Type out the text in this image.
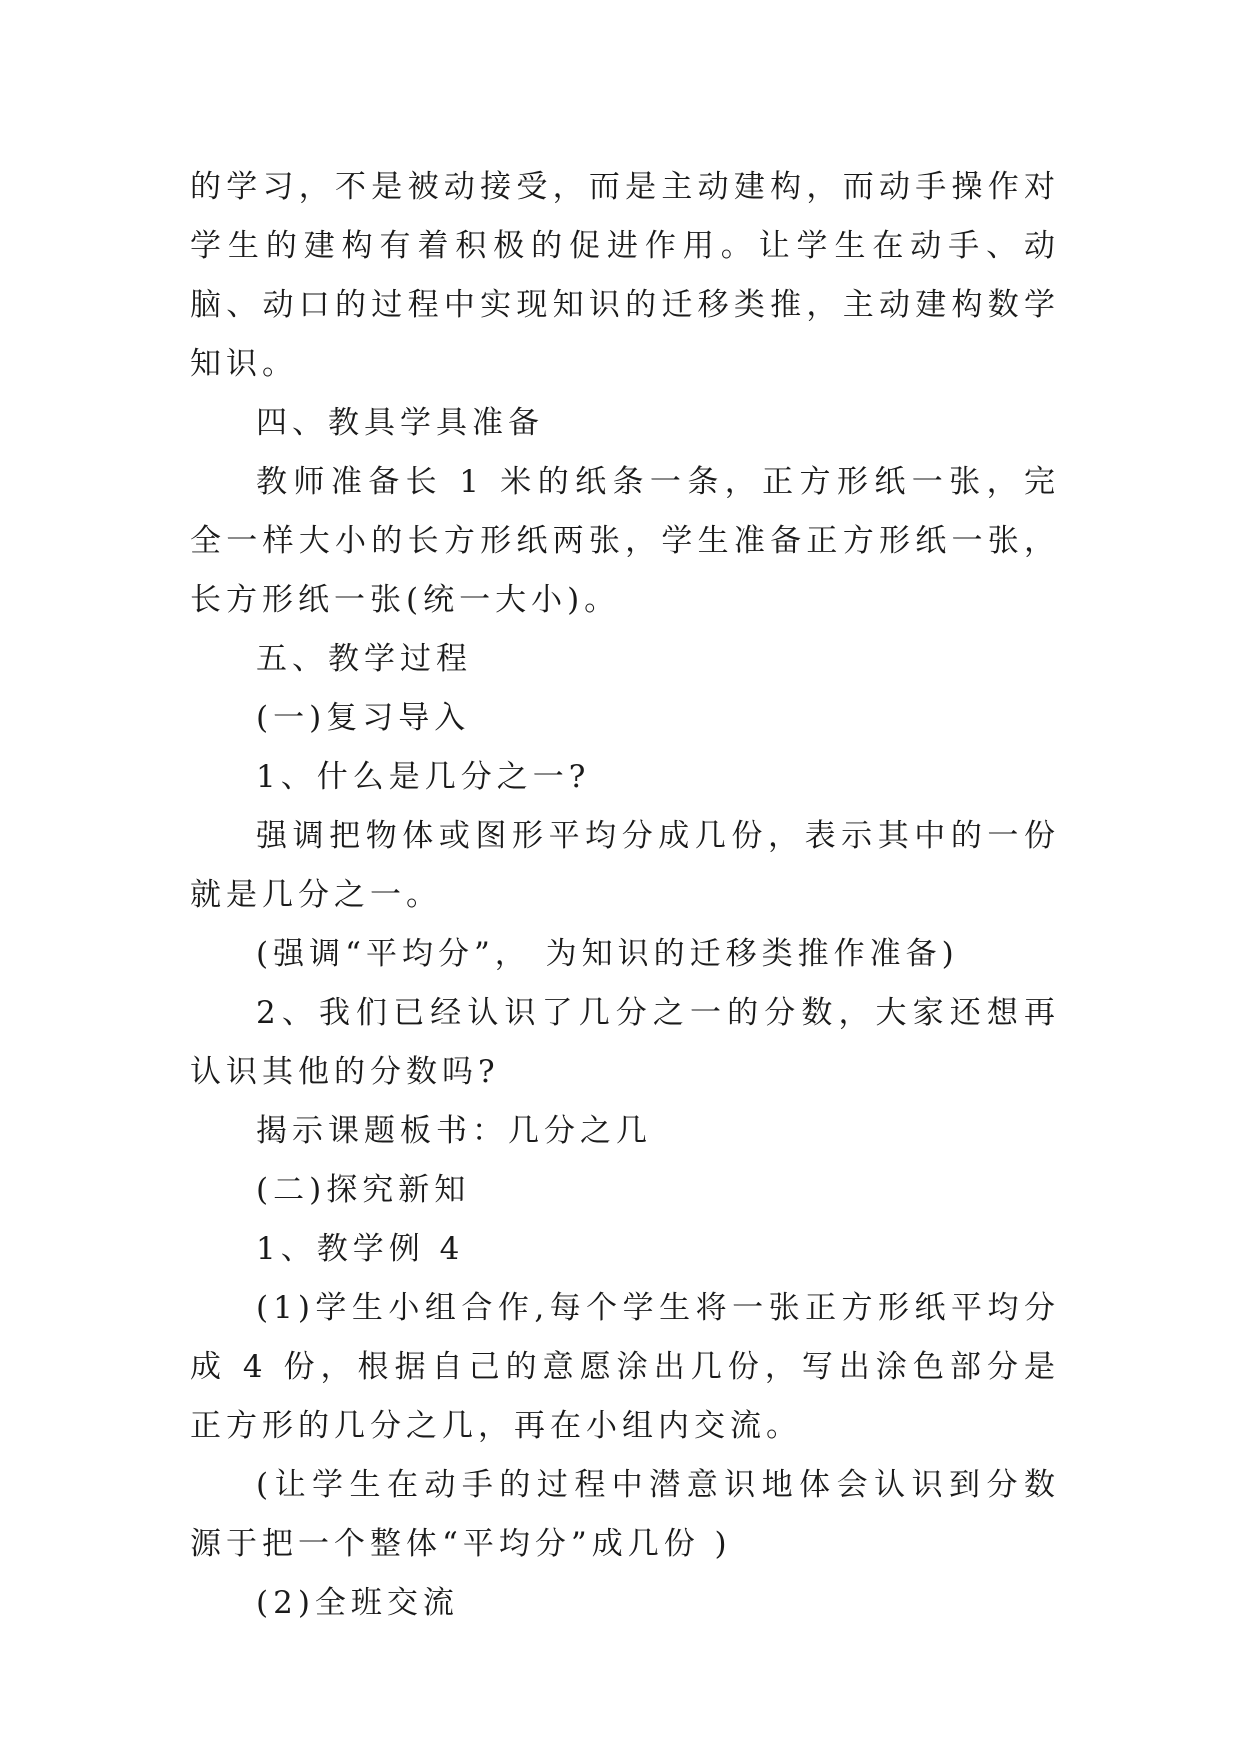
的学习，不是被动接受，而是主动建构，而动手操作对学生的建构有着积极的促进作用。让学生在动手、动脑、动口的过程中实现知识的迁移类推，主动建构数学知识。

四、教具学具准备

教师准备长 1 米的纸条一条，正方形纸一张，完全一样大小的长方形纸两张，学生准备正方形纸一张，长方形纸一张(统一大小)。

五、教学过程

(一)复习导入

1、什么是几分之一?

强调把物体或图形平均分成几份，表示其中的一份就是几分之一。

(强调“平均分”， 为知识的迁移类推作准备)

2、我们已经认识了几分之一的分数，大家还想再认识其他的分数吗?

揭示课题板书：几分之几

(二)探究新知

1、教学例 4

(1)学生小组合作,每个学生将一张正方形纸平均分成 4 份，根据自己的意愿涂出几份，写出涂色部分是正方形的几分之几，再在小组内交流。

(让学生在动手的过程中潜意识地体会认识到分数源于把一个整体“平均分”成几份 )

(2)全班交流
